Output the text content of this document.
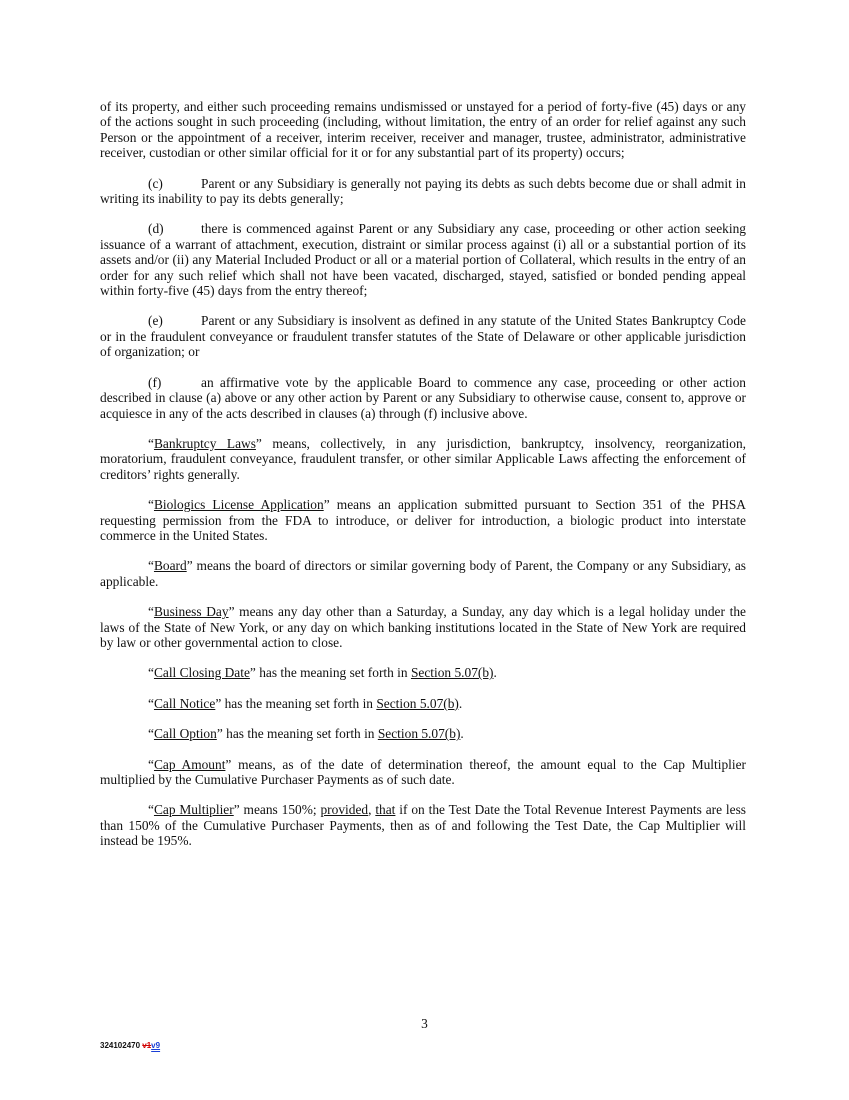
of its property, and either such proceeding remains undismissed or unstayed for a period of forty-five (45) days or any of the actions sought in such proceeding (including, without limitation, the entry of an order for relief against any such Person or the appointment of a receiver, interim receiver, receiver and manager, trustee, administrator, administrative receiver, custodian or other similar official for it or for any substantial part of its property) occurs;

(c)	Parent or any Subsidiary is generally not paying its debts as such debts become due or shall admit in writing its inability to pay its debts generally;

(d)	there is commenced against Parent or any Subsidiary any case, proceeding or other action seeking issuance of a warrant of attachment, execution, distraint or similar process against (i) all or a substantial portion of its assets and/or (ii) any Material Included Product or all or a material portion of Collateral, which results in the entry of an order for any such relief which shall not have been vacated, discharged, stayed, satisfied or bonded pending appeal within forty-five (45) days from the entry thereof;

(e)	Parent or any Subsidiary is insolvent as defined in any statute of the United States Bankruptcy Code or in the fraudulent conveyance or fraudulent transfer statutes of the State of Delaware or other applicable jurisdiction of organization; or

(f)	an affirmative vote by the applicable Board to commence any case, proceeding or other action described in clause (a) above or any other action by Parent or any Subsidiary to otherwise cause, consent to, approve or acquiesce in any of the acts described in clauses (a) through (f) inclusive above.

“Bankruptcy Laws” means, collectively, in any jurisdiction, bankruptcy, insolvency, reorganization, moratorium, fraudulent conveyance, fraudulent transfer, or other similar Applicable Laws affecting the enforcement of creditors’ rights generally.

“Biologics License Application” means an application submitted pursuant to Section 351 of the PHSA requesting permission from the FDA to introduce, or deliver for introduction, a biologic product into interstate commerce in the United States.

“Board” means the board of directors or similar governing body of Parent, the Company or any Subsidiary, as applicable.

“Business Day” means any day other than a Saturday, a Sunday, any day which is a legal holiday under the laws of the State of New York, or any day on which banking institutions located in the State of New York are required by law or other governmental action to close.

“Call Closing Date” has the meaning set forth in Section 5.07(b).

“Call Notice” has the meaning set forth in Section 5.07(b).

“Call Option” has the meaning set forth in Section 5.07(b).

“Cap Amount” means, as of the date of determination thereof, the amount equal to the Cap Multiplier multiplied by the Cumulative Purchaser Payments as of such date.

“Cap Multiplier” means 150%; provided, that if on the Test Date the Total Revenue Interest Payments are less than 150% of the Cumulative Purchaser Payments, then as of and following the Test Date, the Cap Multiplier will instead be 195%.

3
324102470 v1v9
